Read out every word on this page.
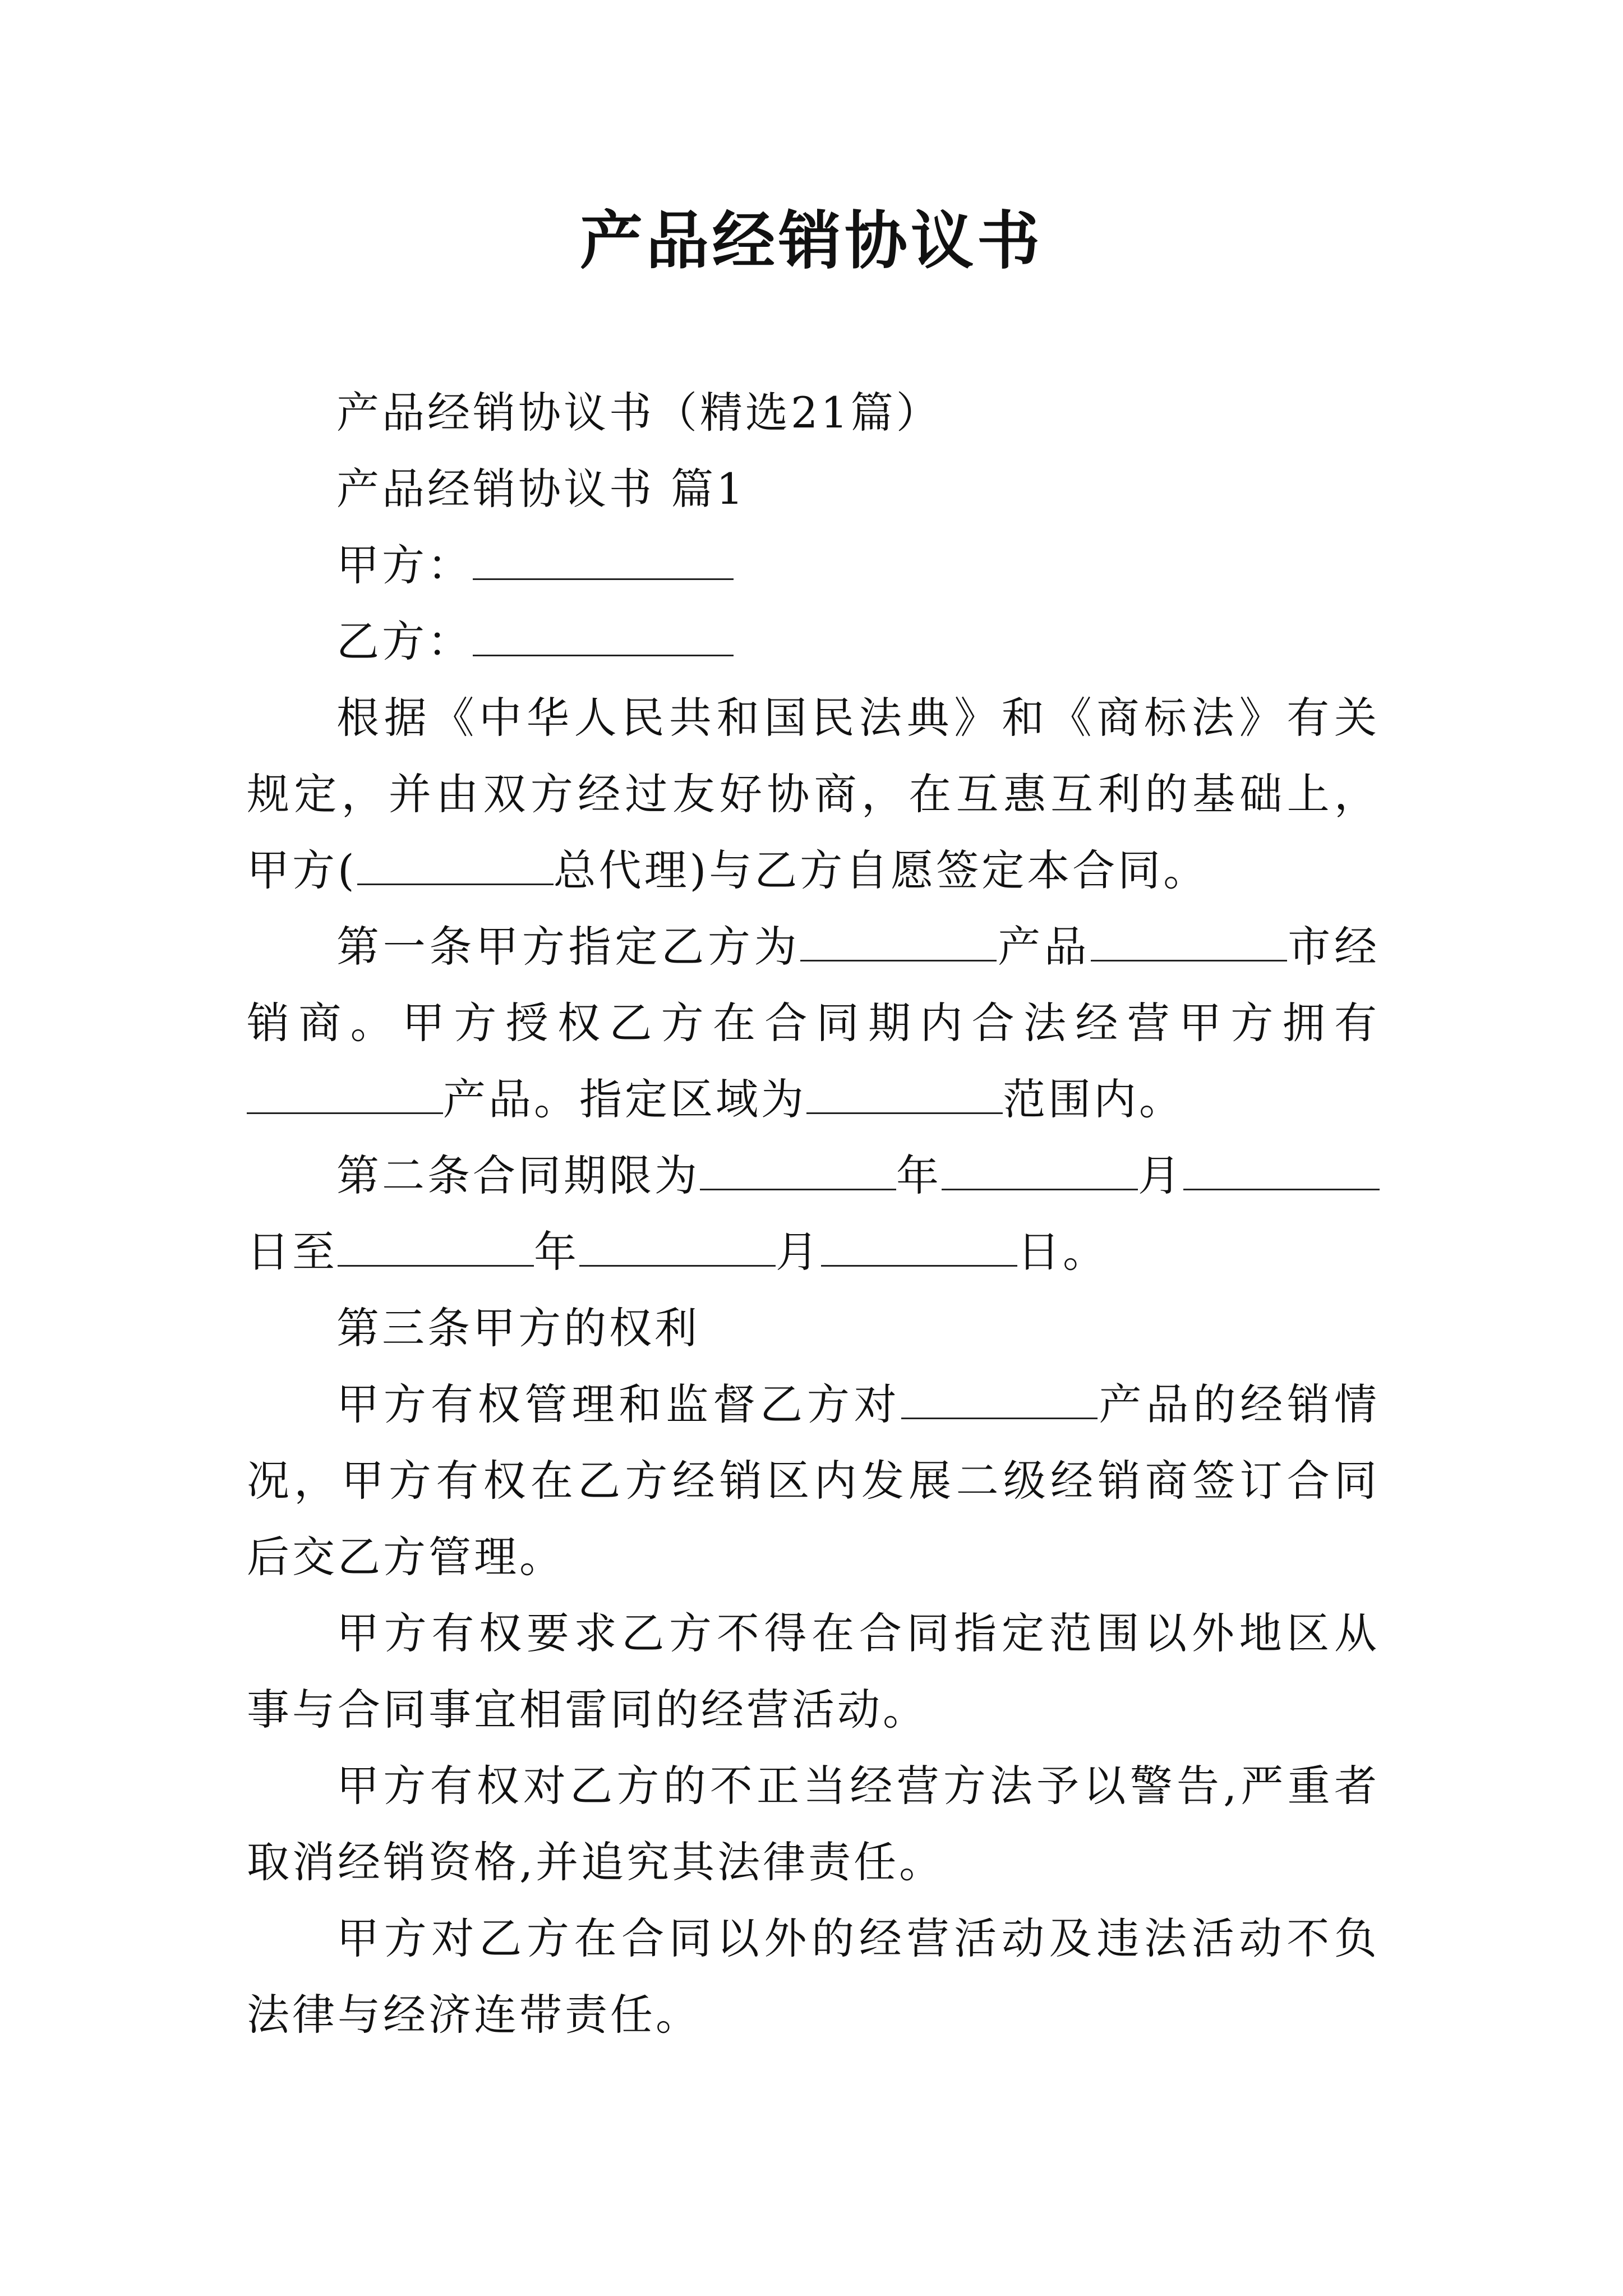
产品经销协议书

产品经销协议书（精选21篇）

产品经销协议书 篇1

甲方：

乙方：

根据《中华人民共和国民法典》和《商标法》有关规定，并由双方经过友好协商，在互惠互利的基础上，甲方(	总代理)与乙方自愿签定本合同。

第一条甲方指定乙方为	产品	市经销商。甲方授权乙方在合同期内合法经营甲方拥有产品。指定区域为	范围内。

第二条合同期限为	年	月日至	年	月	日。

第三条甲方的权利

甲方有权管理和监督乙方对	产品的经销情况，甲方有权在乙方经销区内发展二级经销商签订合同后交乙方管理。

甲方有权要求乙方不得在合同指定范围以外地区从事与合同事宜相雷同的经营活动。

甲方有权对乙方的不正当经营方法予以警告,严重者取消经销资格,并追究其法律责任。

甲方对乙方在合同以外的经营活动及违法活动不负法律与经济连带责任。
